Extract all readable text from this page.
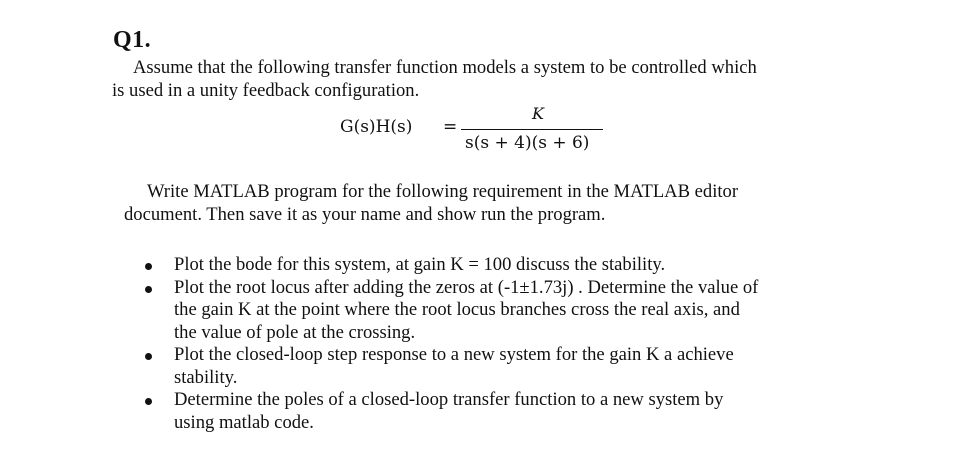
Q1.
Assume that the following transfer function models a system to be controlled which
is used in a unity feedback configuration.
G(s)H(s) =
K
s(s + 4)(s + 6)
Write MATLAB program for the following requirement in the MATLAB editor
document. Then save it as your name and show run the program.
Plot the bode for this system, at gain K = 100 discuss the stability.
Plot the root locus after adding the zeros at (-1±1.73j) . Determine the value of
the gain K at the point where the root locus branches cross the real axis, and
the value of pole at the crossing.
Plot the closed-loop step response to a new system for the gain K a achieve
stability.
Determine the poles of a closed-loop transfer function to a new system by
using matlab code.
